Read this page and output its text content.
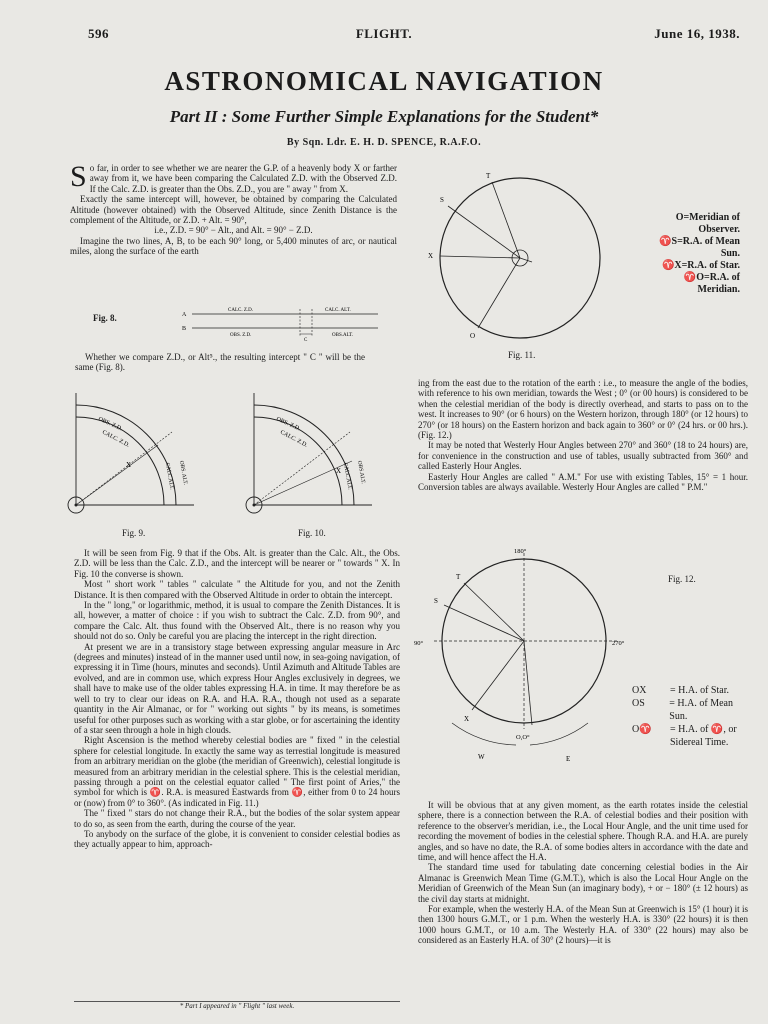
596	FLIGHT.	June 16, 1938.
ASTRONOMICAL NAVIGATION
Part II : Some Further Simple Explanations for the Student*
By Sqn. Ldr. E. H. D. SPENCE, R.A.F.O.
S o far, in order to see whether we are nearer the G.P. of a heavenly body X or farther away from it, we have been comparing the Calculated Z.D. with the Observed Z.D. If the Calc. Z.D. is greater than the Obs. Z.D., you are " away " from X.

Exactly the same intercept will, however, be obtained by comparing the Calculated Altitude (however obtained) with the Observed Altitude, since Zenith Distance is the complement of the Altitude, or Z.D. + Alt. = 90°,

i.e., Z.D. = 90° − Alt., and Alt. = 90° − Z.D.

Imagine the two lines, A, B, to be each 90° long, or 5,400 minutes of arc, or nautical miles, along the surface of the earth

Fig. 8.	A
B
CALC. Z.D.	CALC. ALT.
OBS. Z.D.	OBS.ALT.
C

Whether we compare Z.D., or Alt⁵., the resulting intercept " C " will be the same (Fig. 8).

OBS. Z.D.
CALC. Z.D.
CALC.ALT. OBS. ALT.
X
Fig. 9.
OBS. Z.D.
CALC. Z.D.
CALC.ALT. OBS.ALT.
X
Fig. 10.

It will be seen from Fig. 9 that if the Obs. Alt. is greater than the Calc. Alt., the Obs. Z.D. will be less than the Calc. Z.D., and the intercept will be nearer or " towards " X. In Fig. 10 the converse is shown.

Most " short work " tables " calculate " the Altitude for you, and not the Zenith Distance. It is then compared with the Observed Altitude in order to obtain the intercept.

In the " long," or logarithmic, method, it is usual to compare the Zenith Distances. It is all, however, a matter of choice : if you wish to subtract the Calc. Z.D. from 90°, and compare the Calc. Alt. thus found with the Observed Alt., there is no reason why you should not do so. Only be careful you are placing the intercept in the right direction.

At present we are in a transistory stage between expressing angular measure in Arc (degrees and minutes) instead of in the manner used until now, in sea-going navigation, of expressing it in Time (hours, minutes and seconds). Until Azimuth and Altitude Tables are evolved, and are in common use, which express Hour Angles exclusively in degrees, we shall have to make use of the older tables expressing H.A. in time. It may therefore be as well to try to clear our ideas on R.A. and H.A. R.A., though not used as a separate quantity in the Air Almanac, or for " working out sights " by its means, is sometimes useful for other purposes such as working with a star globe, or for ascertaining the identity of a star seen through a hole in high clouds.

Right Ascension is the method whereby celestial bodies are " fixed " in the celestial sphere for celestial longitude. In exactly the same way as terrestial longitude is measured from an arbitrary meridian on the globe (the meridian of Greenwich), celestial longitude is measured from an arbitrary meridian in the celestial sphere. This is the celestial meridian, passing through a point on the celestial equator called " The first point of Aries," the symbol for which is ♈. R.A. is measured Eastwards from ♈, either from 0 to 24 hours or (now) from 0° to 360°. (As indicated in Fig. 11.)

The " fixed " stars do not change their R.A., but the bodies of the solar system appear to do so, as seen from the earth, during the course of the year.

To anybody on the surface of the globe, it is convenient to consider celestial bodies as they actually appear to him, approach-

* Part I appeared in " Flight " last week.
T
S
X
O
Fig. 11.
O=Meridian of
Observer.
♈S=R.A. of Mean
Sun.
♈X=R.A. of Star.
♈O=R.A. of
Meridian.

ing from the east due to the rotation of the earth : i.e., to measure the angle of the bodies, with reference to his own meridian, towards the West ; 0° (or 00 hours) is considered to be when the celestial meridian of the body is directly overhead, and starts to pass on to the west. It increases to 90° (or 6 hours) on the Western horizon, through 180° (or 12 hours) to 270° (or 18 hours) on the Eastern horizon and back again to 360° or 0° (24 hrs. or 00 hrs.). (Fig. 12.)

It may be noted that Westerly Hour Angles between 270° and 360° (18 to 24 hours) are, for convenience in the construction and use of tables, usually subtracted from 360° and called Easterly Hour Angles.

Easterly Hour Angles are called " A.M." For use with existing Tables, 15° = 1 hour. Conversion tables are always available. Westerly Hour Angles are called " P.M."

180°
90°	270°
T
S
X
O,O°
W	E
Fig. 12.
OX	= H.A. of Star.
OS	= H.A. of Mean Sun.
O♈	= H.A. of ♈, or
Sidereal Time.

It will be obvious that at any given moment, as the earth rotates inside the celestial sphere, there is a connection between the R.A. of celestial bodies and their position with reference to the observer's meridian, i.e., the Local Hour Angle, and the unit time used for recording the movement of bodies in the celestial sphere. Though R.A. and H.A. are purely angles, and so have no date, the R.A. of some bodies alters in accordance with the date and time, and will hence affect the H.A.

The standard time used for tabulating date concerning celestial bodies in the Air Almanac is Greenwich Mean Time (G.M.T.), which is also the Local Hour Angle on the Meridian of Greenwich of the Mean Sun (an imaginary body), + or − 180° (± 12 hours) as the civil day starts at midnight.

For example, when the westerly H.A. of the Mean Sun at Greenwich is 15° (1 hour) it is then 1300 hours G.M.T., or 1 p.m. When the westerly H.A. is 330° (22 hours) it is then 1000 hours G.M.T., or 10 a.m. The Westerly H.A. of 330° (22 hours) may also be considered as an Easterly H.A. of 30° (2 hours)—it is
